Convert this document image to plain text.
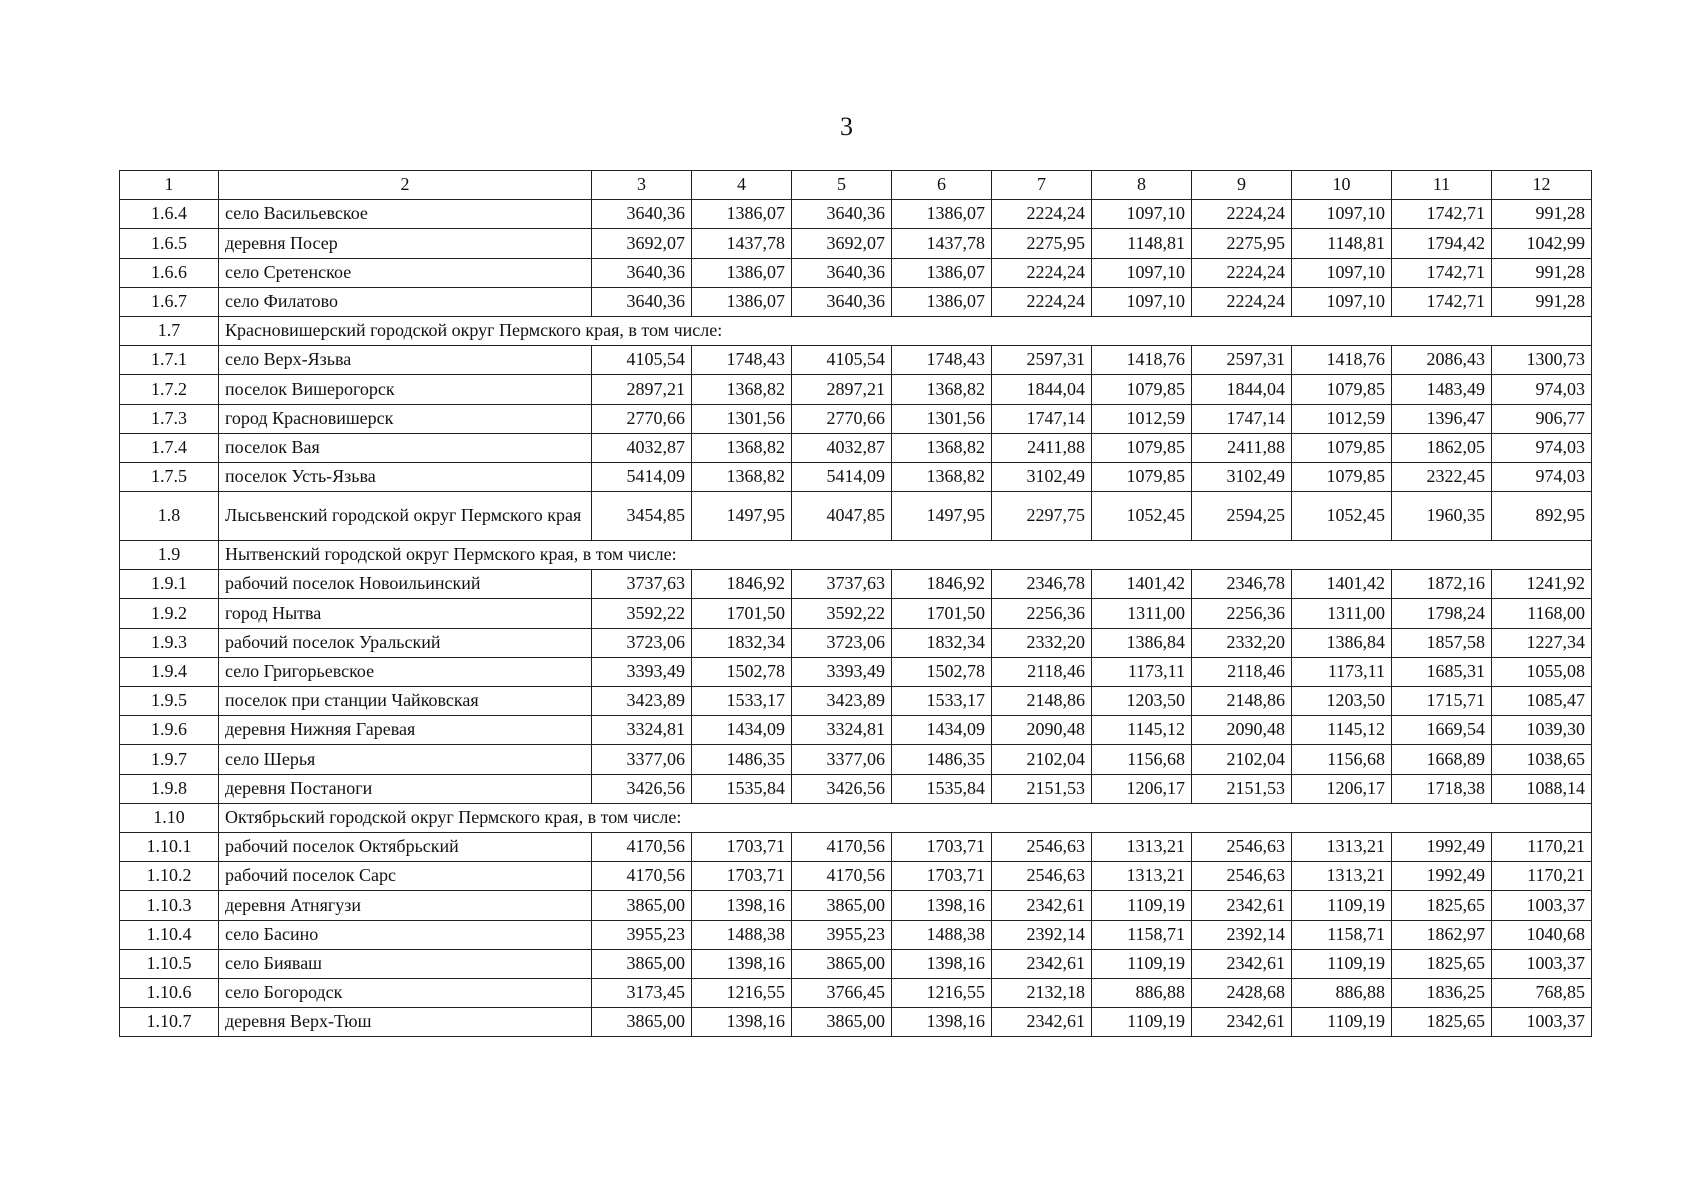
3
1	2	3	4	5	6	7	8	9	10	11	12
1.6.4	село Васильевское	3640,36	1386,07	3640,36	1386,07	2224,24	1097,10	2224,24	1097,10	1742,71	991,28
1.6.5	деревня Посер	3692,07	1437,78	3692,07	1437,78	2275,95	1148,81	2275,95	1148,81	1794,42	1042,99
1.6.6	село Сретенское	3640,36	1386,07	3640,36	1386,07	2224,24	1097,10	2224,24	1097,10	1742,71	991,28
1.6.7	село Филатово	3640,36	1386,07	3640,36	1386,07	2224,24	1097,10	2224,24	1097,10	1742,71	991,28
1.7	Красновишерский городской округ Пермского края, в том числе:										
1.7.1	село Верх-Язьва	4105,54	1748,43	4105,54	1748,43	2597,31	1418,76	2597,31	1418,76	2086,43	1300,73
1.7.2	поселок Вишерогорск	2897,21	1368,82	2897,21	1368,82	1844,04	1079,85	1844,04	1079,85	1483,49	974,03
1.7.3	город Красновишерск	2770,66	1301,56	2770,66	1301,56	1747,14	1012,59	1747,14	1012,59	1396,47	906,77
1.7.4	поселок Вая	4032,87	1368,82	4032,87	1368,82	2411,88	1079,85	2411,88	1079,85	1862,05	974,03
1.7.5	поселок Усть-Язьва	5414,09	1368,82	5414,09	1368,82	3102,49	1079,85	3102,49	1079,85	2322,45	974,03
1.8	Лысьвенский городской округ Пермского края	3454,85	1497,95	4047,85	1497,95	2297,75	1052,45	2594,25	1052,45	1960,35	892,95
1.9	Нытвенский городской округ Пермского края, в том числе:										
1.9.1	рабочий поселок Новоильинский	3737,63	1846,92	3737,63	1846,92	2346,78	1401,42	2346,78	1401,42	1872,16	1241,92
1.9.2	город Нытва	3592,22	1701,50	3592,22	1701,50	2256,36	1311,00	2256,36	1311,00	1798,24	1168,00
1.9.3	рабочий поселок Уральский	3723,06	1832,34	3723,06	1832,34	2332,20	1386,84	2332,20	1386,84	1857,58	1227,34
1.9.4	село Григорьевское	3393,49	1502,78	3393,49	1502,78	2118,46	1173,11	2118,46	1173,11	1685,31	1055,08
1.9.5	поселок при станции Чайковская	3423,89	1533,17	3423,89	1533,17	2148,86	1203,50	2148,86	1203,50	1715,71	1085,47
1.9.6	деревня Нижняя Гаревая	3324,81	1434,09	3324,81	1434,09	2090,48	1145,12	2090,48	1145,12	1669,54	1039,30
1.9.7	село Шерья	3377,06	1486,35	3377,06	1486,35	2102,04	1156,68	2102,04	1156,68	1668,89	1038,65
1.9.8	деревня Постаноги	3426,56	1535,84	3426,56	1535,84	2151,53	1206,17	2151,53	1206,17	1718,38	1088,14
1.10	Октябрьский городской округ Пермского края, в том числе:										
1.10.1	рабочий поселок Октябрьский	4170,56	1703,71	4170,56	1703,71	2546,63	1313,21	2546,63	1313,21	1992,49	1170,21
1.10.2	рабочий поселок Сарс	4170,56	1703,71	4170,56	1703,71	2546,63	1313,21	2546,63	1313,21	1992,49	1170,21
1.10.3	деревня Атнягузи	3865,00	1398,16	3865,00	1398,16	2342,61	1109,19	2342,61	1109,19	1825,65	1003,37
1.10.4	село Басино	3955,23	1488,38	3955,23	1488,38	2392,14	1158,71	2392,14	1158,71	1862,97	1040,68
1.10.5	село Бияваш	3865,00	1398,16	3865,00	1398,16	2342,61	1109,19	2342,61	1109,19	1825,65	1003,37
1.10.6	село Богородск	3173,45	1216,55	3766,45	1216,55	2132,18	886,88	2428,68	886,88	1836,25	768,85
1.10.7	деревня Верх-Тюш	3865,00	1398,16	3865,00	1398,16	2342,61	1109,19	2342,61	1109,19	1825,65	1003,37
